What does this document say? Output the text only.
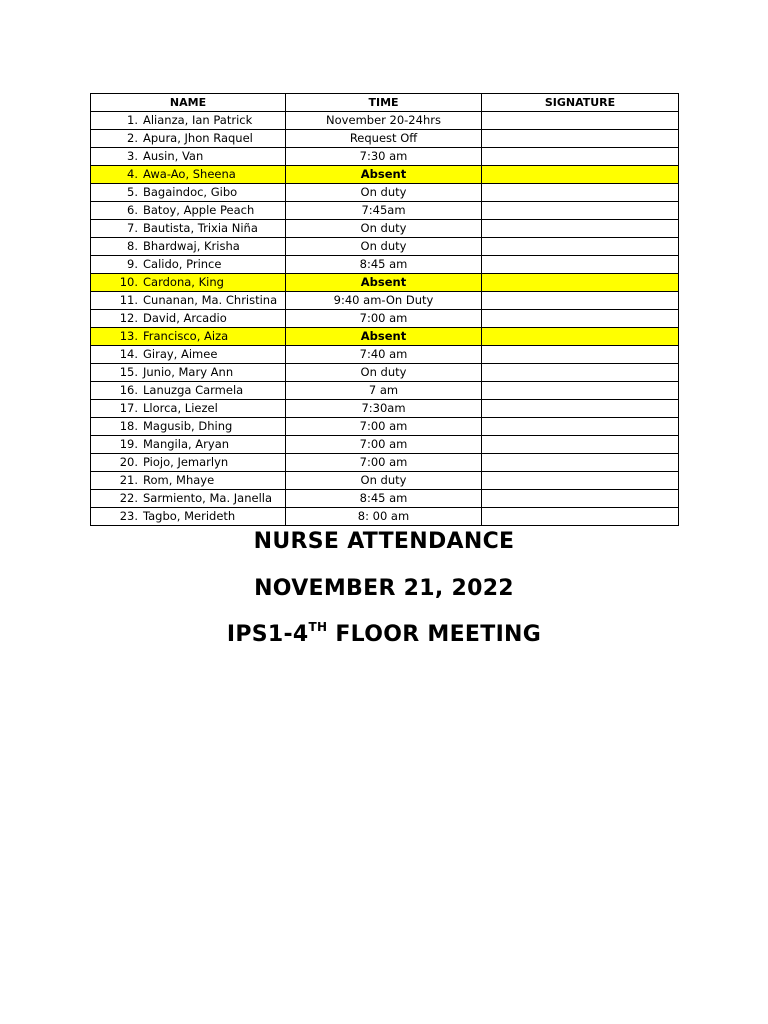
NAME	TIME	SIGNATURE
1. Alianza, Ian Patrick	November 20-24hrs	
2. Apura, Jhon Raquel	Request Off	
3. Ausin, Van	7:30 am	
4. Awa-Ao, Sheena	Absent	
5. Bagaindoc, Gibo	On duty	
6. Batoy, Apple Peach	7:45am	
7. Bautista, Trixia Niña	On duty	
8. Bhardwaj, Krisha	On duty	
9. Calido, Prince	8:45 am	
10. Cardona, King	Absent	
11. Cunanan, Ma. Christina	9:40 am-On Duty	
12. David, Arcadio	7:00 am	
13. Francisco, Aiza	Absent	
14. Giray, Aimee	7:40 am	
15. Junio, Mary Ann	On duty	
16. Lanuzga Carmela	7 am	
17. Llorca, Liezel	7:30am	
18. Magusib, Dhing	7:00 am	
19. Mangila, Aryan	7:00 am	
20. Piojo, Jemarlyn	7:00 am	
21. Rom, Mhaye	On duty	
22. Sarmiento, Ma. Janella	8:45 am	
23. Tagbo, Merideth	8: 00 am	
NURSE ATTENDANCE
NOVEMBER 21, 2022
IPS1-4TH FLOOR MEETING
